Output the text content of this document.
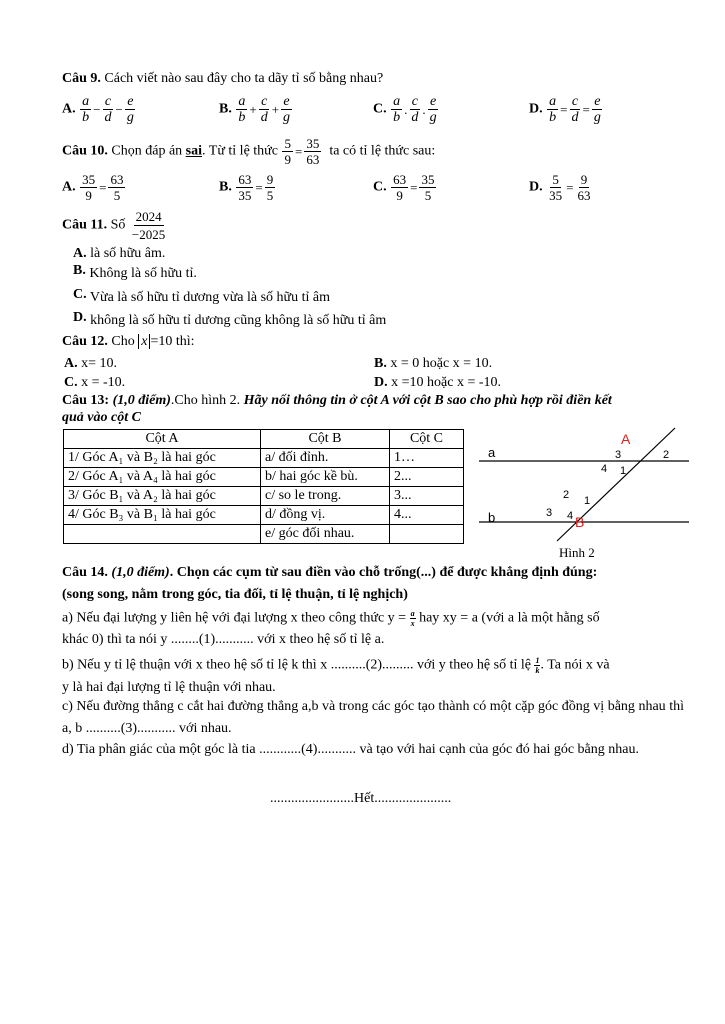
Câu 9. Cách viết nào sau đây cho ta dãy tỉ số bằng nhau?
A. $\frac{a}{b} - \frac{c}{d} - \frac{e}{g}$	B. $\frac{a}{b} + \frac{c}{d} + \frac{e}{g}$	C. $\frac{a}{b}$ . $\frac{c}{d}$ . $\frac{e}{g}$	D. $\frac{a}{b} = \frac{c}{d} = \frac{e}{g}$
Câu 10. Chọn đáp án sai. Từ tỉ lệ thức $\frac{5}{9} = \frac{35}{63}$ ta có tỉ lệ thức sau:
A. $\frac{35}{9} = \frac{63}{5}$	B. $\frac{63}{35} = \frac{9}{5}$	C. $\frac{63}{9} = \frac{35}{5}$	D. $\frac{5}{35} = \frac{9}{63}$
Câu 11. Số $\frac{2024}{-2025}$
A. là số hữu âm.
B. Không là số hữu tỉ.
C. Vừa là số hữu tỉ dương vừa là số hữu tỉ âm
D. không là số hữu tỉ dương cũng không là số hữu tỉ âm
Câu 12. Cho x =10 thì:
A. x= 10.	B. x = 0 hoặc x = 10.
C. x = -10.	D. x =10 hoặc x = -10.
Câu 13: (1,0 điểm).Cho hình 2. Hãy nối thông tin ở cột A với cột B sao cho phù hợp rồi điền kết
quả vào cột C
Cột A	Cột B	Cột C
1/ Góc A₁ và B₂ là hai góc	a/ đối đỉnh.	1…
2/ Góc A₁ và A₄ là hai góc	b/ hai góc kề bù.	2...
3/ Góc B₁ và A₂ là hai góc	c/ so le trong.	3...
4/ Góc B₃ và B₁ là hai góc	d/ đồng vị.	4...
	e/ góc đối nhau.	
a
b
A
B
1
2
3
4
1
2
3 4
Hình 2
Câu 14. (1,0 điểm). Chọn các cụm từ sau điền vào chỗ trống(...) để được khẳng định đúng:
(song song, nằm trong góc, tia đối, tỉ lệ thuận, tỉ lệ nghịch)
a) Nếu đại lượng y liên hệ với đại lượng x theo công thức $y = \frac{a}{x}$ hay xy = a (với a là một hằng số
khác 0) thì ta nói y ........(1)........... với x theo hệ số tỉ lệ a.
b) Nếu y tỉ lệ thuận với x theo hệ số tỉ lệ k thì x ..........(2)......... với y theo hệ số tỉ lệ $\frac{1}{k}$ . Ta nói x và
y là hai đại lượng tỉ lệ thuận với nhau.
c) Nếu đường thẳng c cắt hai đường thẳng a,b và trong các góc tạo thành có một cặp góc đồng vị bằng nhau thì a, b ..........(3)........... với nhau.
d) Tia phân giác của một góc là tia ............(4)........... và tạo với hai cạnh của góc đó hai góc bằng nhau.
........................Hết......................
